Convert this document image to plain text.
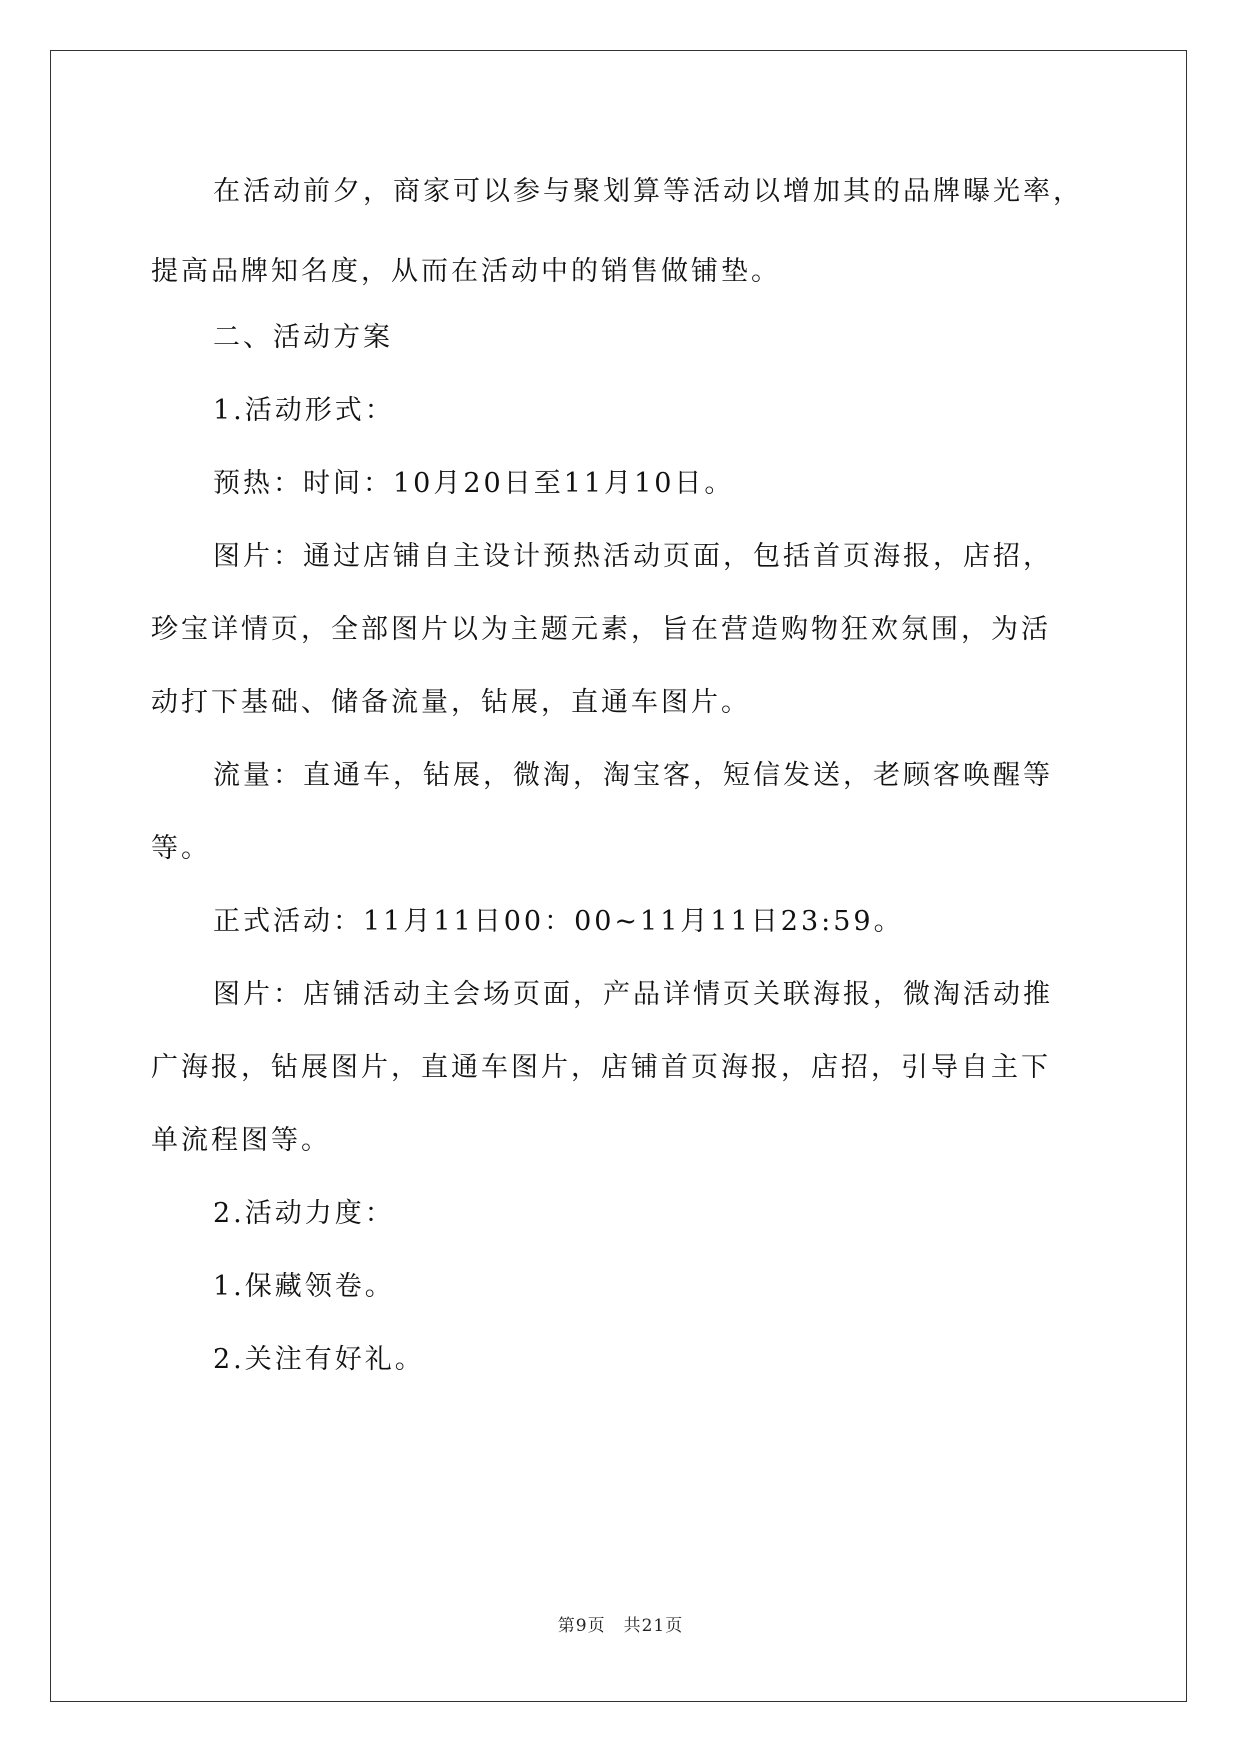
在活动前夕，商家可以参与聚划算等活动以增加其的品牌曝光率，
提高品牌知名度，从而在活动中的销售做铺垫。

二、活动方案

1.活动形式：

预热：时间：10月20日至11月10日。

图片：通过店铺自主设计预热活动页面，包括首页海报，店招，
珍宝详情页，全部图片以为主题元素，旨在营造购物狂欢氛围，为活
动打下基础、储备流量，钻展，直通车图片。

流量：直通车，钻展，微淘，淘宝客，短信发送，老顾客唤醒等
等。

正式活动：11月11日00：00~11月11日23:59。

图片：店铺活动主会场页面，产品详情页关联海报，微淘活动推
广海报，钻展图片，直通车图片，店铺首页海报，店招，引导自主下
单流程图等。

2.活动力度：

1.保藏领卷。

2.关注有好礼。

第9页　共21页
